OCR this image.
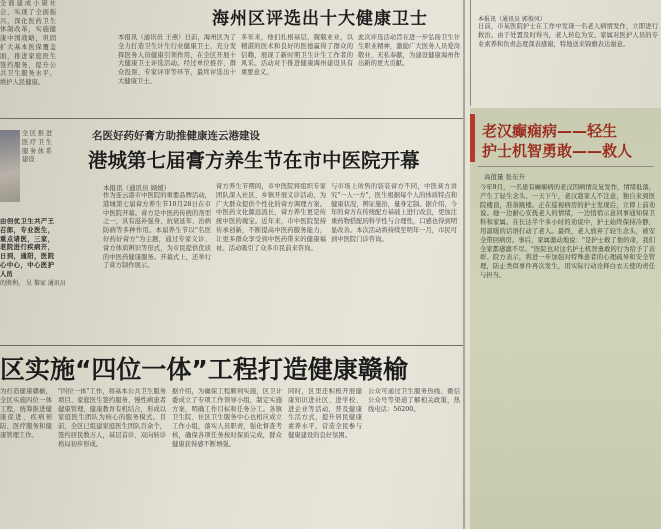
海州区评选出十大健康卫士
本报讯（通讯员 王燕）日前，海州区为了全力打造卫生计生行业健康卫士，充分发挥医务人员健康引领作用，在全区开展十大健康卫士评选活动。经过单位推荐、群众投票、专家评审等环节，最终评选出十大健康卫士。
多年来，他们扎根基层，兢兢业业，以精湛的医术和良好的医德赢得了群众的信赖，展现了新时期卫生计生工作者的风采。活动对于推进健康海州建设具有重要意义。
此次评选活动旨在进一步弘扬卫生计生职业精神，激励广大医务人员爱岗敬业、无私奉献，为建设健康海州作出新的更大贡献。
全面建成小康社会，实现了全面振兴，深化医药卫生体制改革，实施健康中国战略，巩固扩大基本医保覆盖面，推进家庭医生签约服务，提升公共卫生服务水平，维护人民健康。
全区推进医疗卫生服务体系建设
由创优卫生共产王召郎，专业医生，重点诸医，三家，老院进行疾病开，日到，通阳，医院心中心，中心医护人员
的胜利。 吴 黎家 通讯员
名医好药好膏方助推健康连云港建设
港城第七届膏方养生节在市中医院开幕
本报讯（通讯员 顾媛）
作为连云港市中医院的重要品牌活动，港城第七届膏方养生节10月28日在市中医院开幕。膏方是中医药传统的剂型之一，具有滋补强身、抗衰延年、治病防病等多种作用。本届养生节以"名医好药好膏方"为主题，通过专家义诊、膏方体质辨识等形式，为市民提供优质的中医药健康服务。开幕式上，还举行了膏方制作展示。
膏方养生节期间，市中医院将组织专家团队深入社区、乡镇开展义诊活动，为广大群众提供个性化的膏方调理方案。中医药文化源远流长，膏方养生更是传统中医的瑰宝。近年来，市中医院坚持传承创新，不断提高中医药服务能力，让更多群众享受到中医药带来的健康福祉。活动吸引了众多市民前来咨询。
与市场上所售的袋装膏方不同，中医膏方讲究"一人一方"，医生根据每个人的体质特点和健康状况，辨证施治，量身定制。据介绍，今年的膏方在传统配方基础上进行改良，更加注重药物搭配的科学性与合理性，口感也得到明显改善。本次活动将持续至明年一月，市民可到中医院门诊咨询。
区实施“四位一体”工程打造健康赣榆
为打造健康赣榆，全区实施四位一体工程，统筹推进健康促进、疾病预防、医疗服务和健康管理工作。
"四位一体"工作，将基本公共卫生服务项目、家庭医生签约服务、慢性病患者健康管理、健康教育有机结合，形成以家庭医生团队为核心的服务模式。目前，全区已组建家庭医生团队百余个，签约居民数万人，基层首诊、双向转诊格局初步形成。
据介绍，为确保工程顺利实施，区卫计委成立了专项工作领导小组，制定实施方案，明确工作目标和任务分工。各镇卫生院、社区卫生服务中心也相应成立工作小组，落实人员职责，强化督查考核，确保各项任务按时保质完成，群众健康获得感不断增强。
同时，区里还积极开展健康知识进社区、进学校、进企业等活动，普及健康生活方式，提升居民健康素养水平，营造全民参与健康建设的良好氛围。
公众可通过卫生服务热线、微信公众号等渠道了解相关政策，热线电话：56200。
本报讯（通讯员 郭俊风）
日前，市某医院护士在工作中发现一名老人病情发作，立即进行救治。由于处置及时得当，老人转危为安。家属对医护人员的专业素养和负责态度深表感谢，特地送来锦旗表达谢意。
老汉癫痫病——轻生
护士机智勇敢——救人
高值量 张东升
今年9月，一名患有癫痫病的老汉因病情反复发作，情绪低落，产生了轻生念头。一天下午，老汉趁家人不注意，独自来到医院楼顶，准备跳楼。正在巡视病房的护士发现后，立即上前劝说。她一边耐心安抚老人的情绪，一边悄悄示意同事通知保卫科和家属。在长达半个多小时的劝说中，护士始终保持冷静，用温暖的话语打动了老人。最终，老人放弃了轻生念头，被安全带回病房。事后，家属激动地说："是护士救了他的命，我们全家都感激不尽。"医院也对这名护士机智勇敢的行为给予了表彰。院方表示，将进一步加强对特殊患者的心理疏导和安全管理，防止类似事件再次发生，用实际行动诠释白衣天使的责任与担当。
